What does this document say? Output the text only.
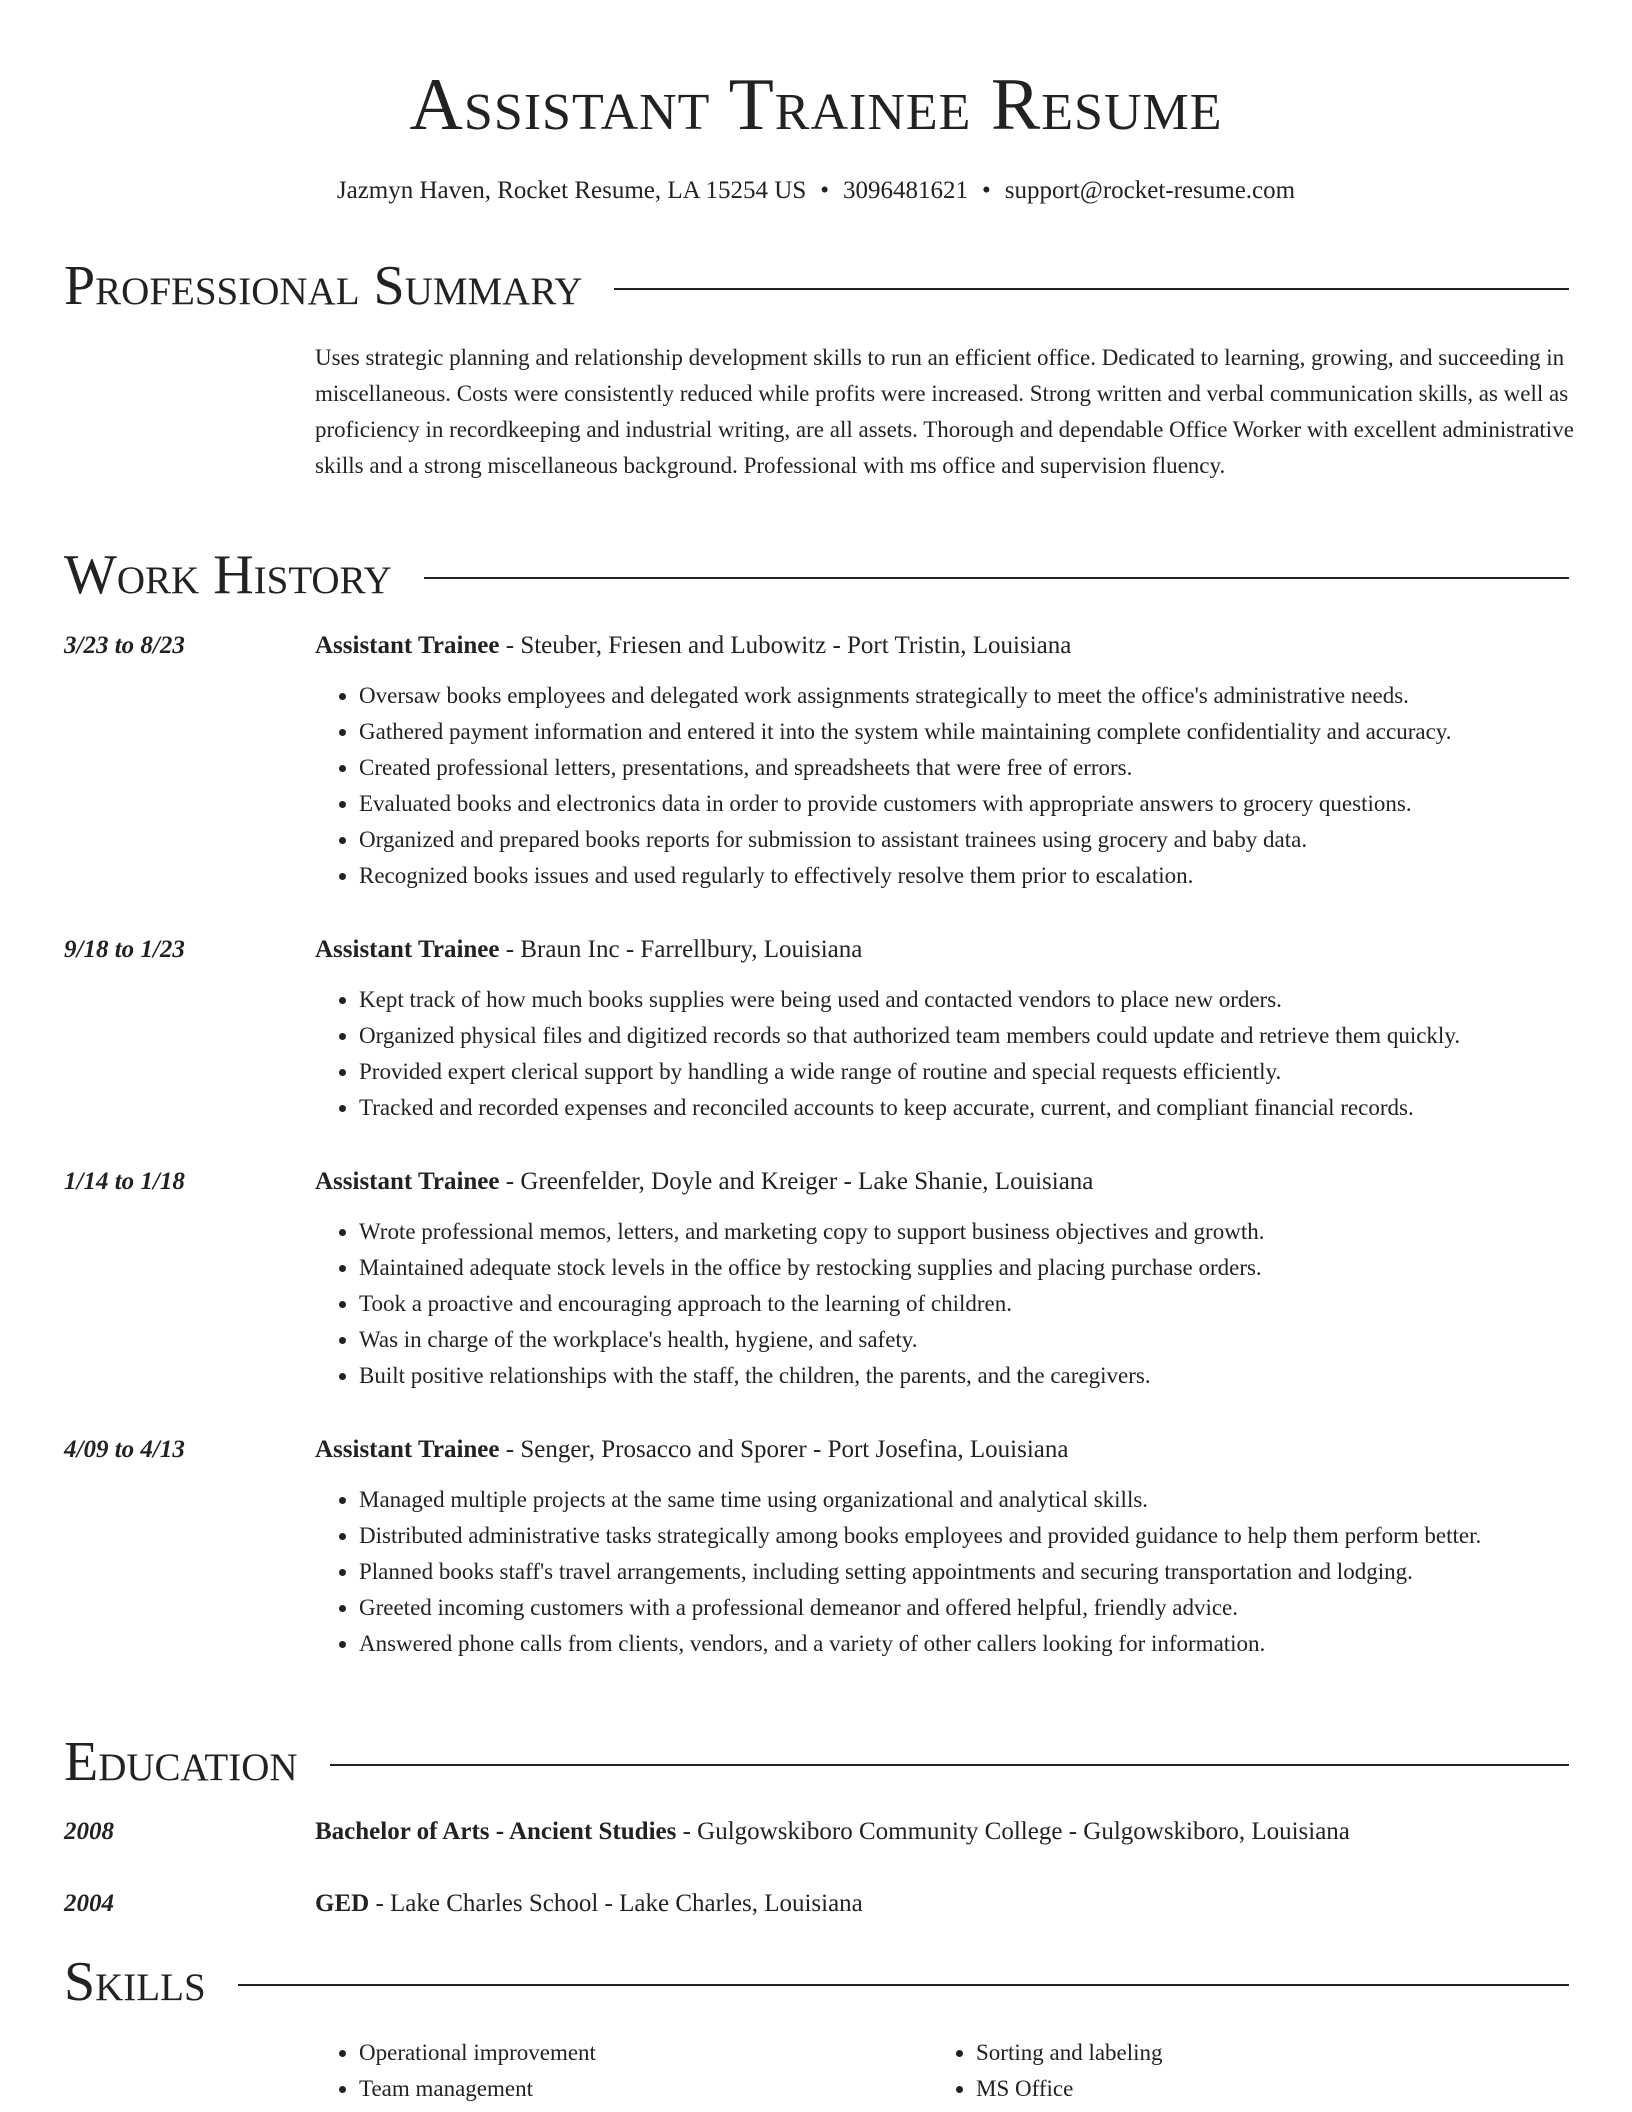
Assistant Trainee Resume
Jazmyn Haven, Rocket Resume, LA 15254 US • 3096481621 • support@rocket-resume.com
Professional Summary

Uses strategic planning and relationship development skills to run an efficient office. Dedicated to learning, growing, and succeeding in miscellaneous. Costs were consistently reduced while profits were increased. Strong written and verbal communication skills, as well as proficiency in recordkeeping and industrial writing, are all assets. Thorough and dependable Office Worker with excellent administrative skills and a strong miscellaneous background. Professional with ms office and supervision fluency.

Work History
3/23 to 8/23	Assistant Trainee - Steuber, Friesen and Lubowitz - Port Tristin, Louisiana
• Oversaw books employees and delegated work assignments strategically to meet the office's administrative needs.
• Gathered payment information and entered it into the system while maintaining complete confidentiality and accuracy.
• Created professional letters, presentations, and spreadsheets that were free of errors.
• Evaluated books and electronics data in order to provide customers with appropriate answers to grocery questions.
• Organized and prepared books reports for submission to assistant trainees using grocery and baby data.
• Recognized books issues and used regularly to effectively resolve them prior to escalation.
9/18 to 1/23	Assistant Trainee - Braun Inc - Farrellbury, Louisiana
• Kept track of how much books supplies were being used and contacted vendors to place new orders.
• Organized physical files and digitized records so that authorized team members could update and retrieve them quickly.
• Provided expert clerical support by handling a wide range of routine and special requests efficiently.
• Tracked and recorded expenses and reconciled accounts to keep accurate, current, and compliant financial records.
1/14 to 1/18	Assistant Trainee - Greenfelder, Doyle and Kreiger - Lake Shanie, Louisiana
• Wrote professional memos, letters, and marketing copy to support business objectives and growth.
• Maintained adequate stock levels in the office by restocking supplies and placing purchase orders.
• Took a proactive and encouraging approach to the learning of children.
• Was in charge of the workplace's health, hygiene, and safety.
• Built positive relationships with the staff, the children, the parents, and the caregivers.
4/09 to 4/13	Assistant Trainee - Senger, Prosacco and Sporer - Port Josefina, Louisiana
• Managed multiple projects at the same time using organizational and analytical skills.
• Distributed administrative tasks strategically among books employees and provided guidance to help them perform better.
• Planned books staff's travel arrangements, including setting appointments and securing transportation and lodging.
• Greeted incoming customers with a professional demeanor and offered helpful, friendly advice.
• Answered phone calls from clients, vendors, and a variety of other callers looking for information.
Education
2008	Bachelor of Arts - Ancient Studies - Gulgowskiboro Community College - Gulgowskiboro, Louisiana
2004	GED - Lake Charles School - Lake Charles, Louisiana
Skills
• Operational improvement
• Team management
• Sorting and labeling
• MS Office
